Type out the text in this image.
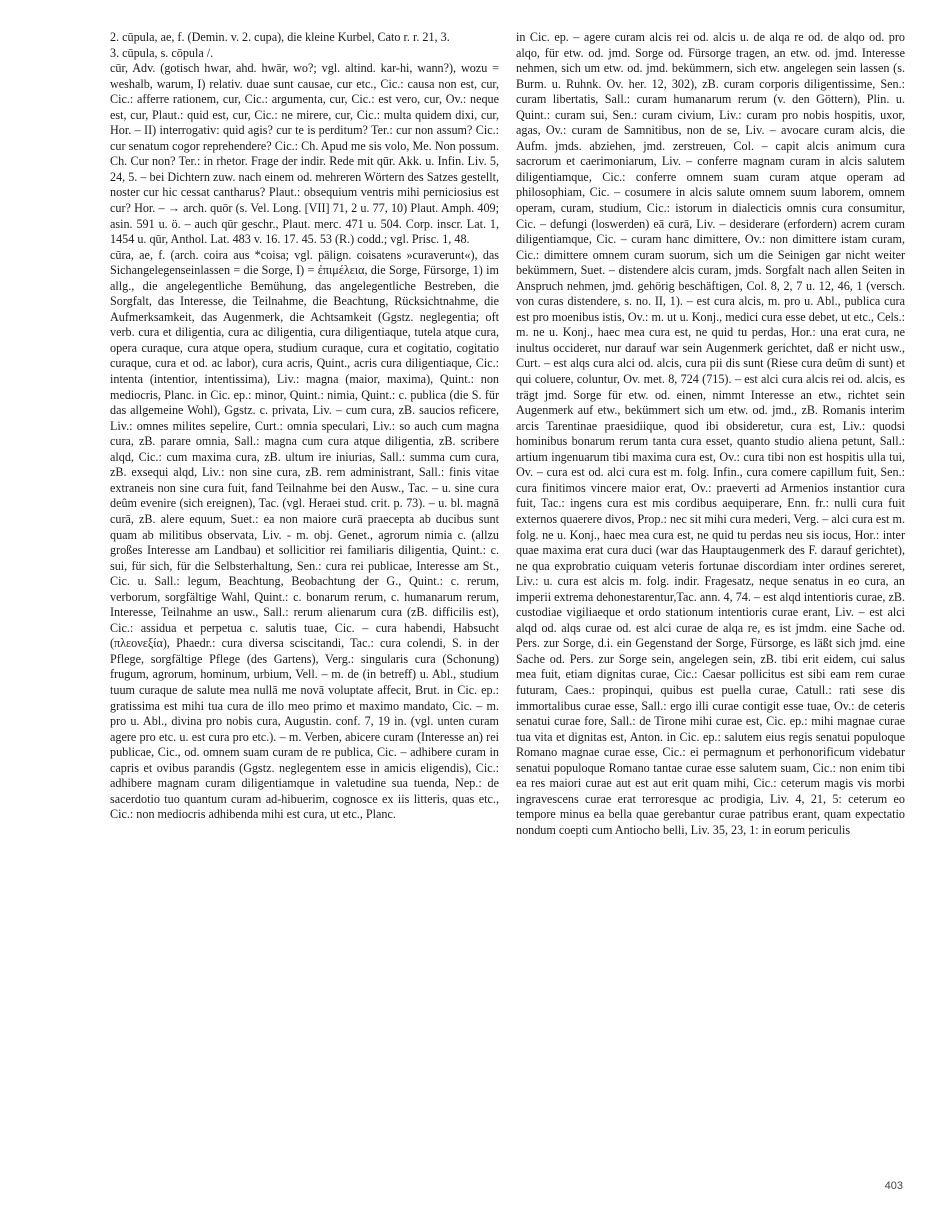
2. cūpula, ae, f. (Demin. v. 2. cupa), die kleine Kurbel, Cato r. r. 21, 3.

3. cūpula, s. cōpula /.

cūr, Adv. (gotisch hwar, ahd. hwār, wo?; vgl. altind. kar-hi, wann?), wozu = weshalb, warum, I) relativ. duae sunt causae, cur etc., Cic.: causa non est, cur, Cic.: afferre rationem, cur, Cic.: argumenta, cur, Cic.: est vero, cur, Ov.: neque est, cur, Plaut.: quid est, cur, Cic.: ne mirere, cur, Cic.: multa quidem dixi, cur, Hor. – II) interrogativ: quid agis? cur te is perditum? Ter.: cur non assum? Cic.: cur senatum cogor reprehendere? Cic.: Ch. Apud me sis volo, Me. Non possum. Ch. Cur non? Ter.: in rhetor. Frage der indir. Rede mit qūr. Akk. u. Infin. Liv. 5, 24, 5. – bei Dichtern zuw. nach einem od. mehreren Wörtern des Satzes gestellt, noster cur hic cessat cantharus? Plaut.: obsequium ventris mihi perniciosius est cur? Hor. – → arch. quōr (s. Vel. Long. [VII] 71, 2 u. 77, 10) Plaut. Amph. 409; asin. 591 u. ö. – auch qūr geschr., Plaut. merc. 471 u. 504. Corp. inscr. Lat. 1, 1454 u. qūr, Anthol. Lat. 483 v. 16. 17. 45. 53 (R.) codd.; vgl. Prisc. 1, 48.

cūra, ae, f. (arch. coira aus *coisa; vgl. pälign. coisatens »curaverunt«), das Sichangelegenseinlassen = die Sorge, I) = ἐπιμέλεια, die Sorge, Fürsorge, 1) im allg., die angelegentliche Bemühung, das angelegentliche Bestreben, die Sorgfalt, das Interesse, die Teilnahme, die Beachtung, Rücksichtnahme, die Aufmerksamkeit, das Augenmerk, die Achtsamkeit (Ggstz. neglegentia; oft verb. cura et diligentia, cura ac diligentia, cura diligentiaque, tutela atque cura, opera curaque, cura atque opera, studium curaque, cura et cogitatio, cogitatio curaque, cura et od. ac labor), cura acris, Quint., acris cura diligentiaque, Cic.: intenta (intentior, intentissima), Liv.: magna (maior, maxima), Quint.: non mediocris, Planc. in Cic. ep.: minor, Quint.: nimia, Quint.: c. publica (die S. für das allgemeine Wohl), Ggstz. c. privata, Liv. – cum cura, zB. saucios reficere, Liv.: omnes milites sepelire, Curt.: omnia speculari, Liv.: so auch cum magna cura, zB. parare omnia, Sall.: magna cum cura atque diligentia, zB. scribere alqd, Cic.: cum maxima cura, zB. ultum ire iniurias, Sall.: summa cum cura, zB. exsequi alqd, Liv.: non sine cura, zB. rem administrant, Sall.: finis vitae extraneis non sine cura fuit, fand Teilnahme bei den Ausw., Tac. – u. sine cura deûm evenire (sich ereignen), Tac. (vgl. Heraei stud. crit. p. 73). – u. bl. magnā curā, zB. alere equum, Suet.: ea non maiore curā praecepta ab ducibus sunt quam ab militibus observata, Liv. - m. obj. Genet., agrorum nimia c. (allzu großes Interesse am Landbau) et sollicitior rei familiaris diligentia, Quint.: c. sui, für sich, für die Selbsterhaltung, Sen.: cura rei publicae, Interesse am St., Cic. u. Sall.: legum, Beachtung, Beobachtung der G., Quint.: c. rerum, verborum, sorgfältige Wahl, Quint.: c. bonarum rerum, c. humanarum rerum, Interesse, Teilnahme an usw., Sall.: rerum alienarum cura (zB. difficilis est), Cic.: assidua et perpetua c. salutis tuae, Cic. – cura habendi, Habsucht (πλεονεξία), Phaedr.: cura diversa sciscitandi, Tac.: cura colendi, S. in der Pflege, sorgfältige Pflege (des Gartens), Verg.: singularis cura (Schonung) frugum, agrorum, hominum, urbium, Vell. – m. de (in betreff) u. Abl., studium tuum curaque de salute mea nullā me novā voluptate affecit, Brut. in Cic. ep.: gratissima est mihi tua cura de illo meo primo et maximo mandato, Cic. – m. pro u. Abl., divina pro nobis cura, Augustin. conf. 7, 19 in. (vgl. unten curam agere pro etc. u. est cura pro etc.). – m. Verben, abicere curam (Interesse an) rei publicae, Cic., od. omnem suam curam de re publica, Cic. – adhibere curam in capris et ovibus parandis (Ggstz. neglegentem esse in amicis eligendis), Cic.: adhibere magnam curam diligentiamque in valetudine sua tuenda, Nep.: de sacerdotio tuo quantum curam ad-hibuerim, cognosce ex iis litteris, quas etc., Cic.: non mediocris adhibenda mihi est cura, ut etc., Planc.

in Cic. ep. – agere curam alcis rei od. alcis u. de alqa re od. de alqo od. pro alqo, für etw. od. jmd. Sorge od. Fürsorge tragen, an etw. od. jmd. Interesse nehmen, sich um etw. od. jmd. bekümmern, sich etw. angelegen sein lassen (s. Burm. u. Ruhnk. Ov. her. 12, 302), zB. curam corporis diligentissime, Sen.: curam libertatis, Sall.: curam humanarum rerum (v. den Göttern), Plin. u. Quint.: curam sui, Sen.: curam civium, Liv.: curam pro nobis hospitis, uxor, agas, Ov.: curam de Samnitibus, non de se, Liv. – avocare curam alcis, die Aufm. jmds. abziehen, jmd. zerstreuen, Col. – capit alcis animum cura sacrorum et caerimoniarum, Liv. – conferre magnam curam in alcis salutem diligentiamque, Cic.: conferre omnem suam curam atque operam ad philosophiam, Cic. – cosumere in alcis salute omnem suum laborem, omnem operam, curam, studium, Cic.: istorum in dialecticis omnis cura consumitur, Cic. – defungi (loswerden) eā curā, Liv. – desiderare (erfordern) acrem curam diligentiamque, Cic. – curam hanc dimittere, Ov.: non dimittere istam curam, Cic.: dimittere omnem curam suorum, sich um die Seinigen gar nicht weiter bekümmern, Suet. – distendere alcis curam, jmds. Sorgfalt nach allen Seiten in Anspruch nehmen, jmd. gehörig beschäftigen, Col. 8, 2, 7 u. 12, 46, 1 (versch. von curas distendere, s. no. II, 1). – est cura alcis, m. pro u. Abl., publica cura est pro moenibus istis, Ov.: m. ut u. Konj., medici cura esse debet, ut etc., Cels.: m. ne u. Konj., haec mea cura est, ne quid tu perdas, Hor.: una erat cura, ne inultus occideret, nur darauf war sein Augenmerk gerichtet, daß er nicht usw., Curt. – est alqs cura alci od. alcis, cura pii dis sunt (Riese cura deûm di sunt) et qui coluere, coluntur, Ov. met. 8, 724 (715). – est alci cura alcis rei od. alcis, es trägt jmd. Sorge für etw. od. einen, nimmt Interesse an etw., richtet sein Augenmerk auf etw., bekümmert sich um etw. od. jmd., zB. Romanis interim arcis Tarentinae praesidiique, quod ibi obsideretur, cura est, Liv.: quodsi hominibus bonarum rerum tanta cura esset, quanto studio aliena petunt, Sall.: artium ingenuarum tibi maxima cura est, Ov.: cura tibi non est hospitis ulla tui, Ov. – cura est od. alci cura est m. folg. Infin., cura comere capillum fuit, Sen.: cura finitimos vincere maior erat, Ov.: praeverti ad Armenios instantior cura fuit, Tac.: ingens cura est mis cordibus aequiperare, Enn. fr.: nulli cura fuit externos quaerere divos, Prop.: nec sit mihi cura mederi, Verg. – alci cura est m. folg. ne u. Konj., haec mea cura est, ne quid tu perdas neu sis iocus, Hor.: inter quae maxima erat cura duci (war das Hauptaugenmerk des F. darauf gerichtet), ne qua exprobratio cuiquam veteris fortunae discordiam inter ordines sereret, Liv.: u. cura est alcis m. folg. indir. Fragesatz, neque senatus in eo cura, an imperii extrema dehonestarentur,Tac. ann. 4, 74. – est alqd intentioris curae, zB. custodiae vigiliaeque et ordo stationum intentioris curae erant, Liv. – est alci alqd od. alqs curae od. est alci curae de alqa re, es ist jmdm. eine Sache od. Pers. zur Sorge, d.i. ein Gegenstand der Sorge, Fürsorge, es läßt sich jmd. eine Sache od. Pers. zur Sorge sein, angelegen sein, zB. tibi erit eidem, cui salus mea fuit, etiam dignitas curae, Cic.: Caesar pollicitus est sibi eam rem curae futuram, Caes.: propinqui, quibus est puella curae, Catull.: rati sese dis immortalibus curae esse, Sall.: ergo illi curae contigit esse tuae, Ov.: de ceteris senatui curae fore, Sall.: de Tirone mihi curae est, Cic. ep.: mihi magnae curae tua vita et dignitas est, Anton. in Cic. ep.: salutem eius regis senatui populoque Romano magnae curae esse, Cic.: ei permagnum et perhonorificum videbatur senatui populoque Romano tantae curae esse salutem suam, Cic.: non enim tibi ea res maiori curae aut est aut erit quam mihi, Cic.: ceterum magis vis morbi ingravescens curae erat terroresque ac prodigia, Liv. 4, 21, 5: ceterum eo tempore minus ea bella quae gerebantur curae patribus erant, quam expectatio nondum coepti cum Antiocho belli, Liv. 35, 23, 1: in eorum periculis

403
